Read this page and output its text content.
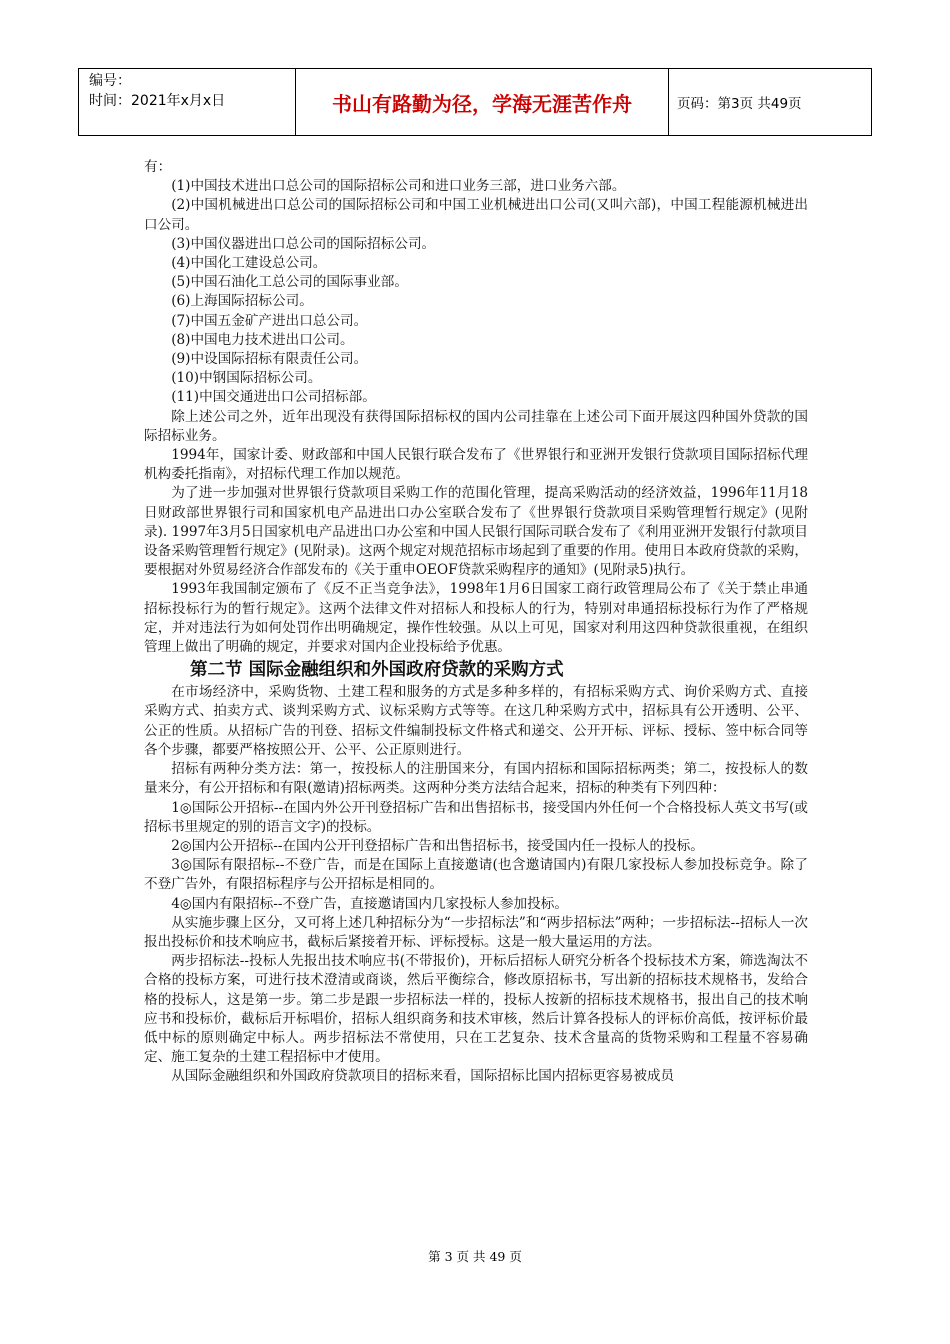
编号：
时间：2021年x月x日	书山有路勤为径，学海无涯苦作舟	页码：第3页 共49页

有：

(1)中国技术进出口总公司的国际招标公司和进口业务三部，进口业务六部。

(2)中国机械进出口总公司的国际招标公司和中国工业机械进出口公司(又叫六部)，中国工程能源机械进出口公司。

(3)中国仪器进出口总公司的国际招标公司。

(4)中国化工建设总公司。

(5)中国石油化工总公司的国际事业部。

(6)上海国际招标公司。

(7)中国五金矿产进出口总公司。

(8)中国电力技术进出口公司。

(9)中设国际招标有限责任公司。

(10)中钢国际招标公司。

(11)中国交通进出口公司招标部。

除上述公司之外，近年出现没有获得国际招标权的国内公司挂靠在上述公司下面开展这四种国外贷款的国际招标业务。

1994年，国家计委、财政部和中国人民银行联合发布了《世界银行和亚洲开发银行贷款项目国际招标代理机构委托指南》，对招标代理工作加以规范。

为了进一步加强对世界银行贷款项目采购工作的范围化管理，提高采购活动的经济效益，1996年11月18日财政部世界银行司和国家机电产品进出口办公室联合发布了《世界银行贷款项目采购管理暂行规定》(见附录). 1997年3月5日国家机电产品进出口办公室和中国人民银行国际司联合发布了《利用亚洲开发银行付款项目设备采购管理暂行规定》(见附录)。这两个规定对规范招标市场起到了重要的作用。使用日本政府贷款的采购，要根据对外贸易经济合作部发布的《关于重申OEOF贷款采购程序的通知》(见附录5)执行。

1993年我国制定颁布了《反不正当竞争法》，1998年1月6日国家工商行政管理局公布了《关于禁止串通招标投标行为的暂行规定》。这两个法律文件对招标人和投标人的行为，特别对串通招标投标行为作了严格规定，并对违法行为如何处罚作出明确规定，操作性较强。从以上可见，国家对利用这四种贷款很重视，在组织管理上做出了明确的规定，并要求对国内企业投标给予优惠。

第二节 国际金融组织和外国政府贷款的采购方式

在市场经济中，采购货物、土建工程和服务的方式是多种多样的，有招标采购方式、询价采购方式、直接采购方式、拍卖方式、谈判采购方式、议标采购方式等等。在这几种采购方式中，招标具有公开透明、公平、公正的性质。从招标广告的刊登、招标文件编制投标文件格式和递交、公开开标、评标、授标、签中标合同等各个步骤，都要严格按照公开、公平、公正原则进行。

招标有两种分类方法：第一，按投标人的注册国来分，有国内招标和国际招标两类；第二，按投标人的数量来分，有公开招标和有限(邀请)招标两类。这两种分类方法结合起来，招标的种类有下列四种：

1◎国际公开招标--在国内外公开刊登招标广告和出售招标书，接受国内外任何一个合格投标人英文书写(或招标书里规定的别的语言文字)的投标。

2◎国内公开招标--在国内公开刊登招标广告和出售招标书，接受国内任一投标人的投标。

3◎国际有限招标--不登广告，而是在国际上直接邀请(也含邀请国内)有限几家投标人参加投标竞争。除了不登广告外，有限招标程序与公开招标是相同的。

4◎国内有限招标--不登广告，直接邀请国内几家投标人参加投标。

从实施步骤上区分，又可将上述几种招标分为“一步招标法”和“两步招标法”两种；一步招标法--招标人一次报出投标价和技术响应书，截标后紧接着开标、评标授标。这是一般大量运用的方法。

两步招标法--投标人先报出技术响应书(不带报价)，开标后招标人研究分析各个投标技术方案，筛选淘汰不合格的投标方案，可进行技术澄清或商谈，然后平衡综合，修改原招标书，写出新的招标技术规格书，发给合格的投标人，这是第一步。第二步是跟一步招标法一样的，投标人按新的招标技术规格书，报出自己的技术响应书和投标价，截标后开标唱价，招标人组织商务和技术审核，然后计算各投标人的评标价高低，按评标价最低中标的原则确定中标人。两步招标法不常使用，只在工艺复杂、技术含量高的货物采购和工程量不容易确定、施工复杂的土建工程招标中才使用。

从国际金融组织和外国政府贷款项目的招标来看，国际招标比国内招标更容易被成员

第 3 页 共 49 页
